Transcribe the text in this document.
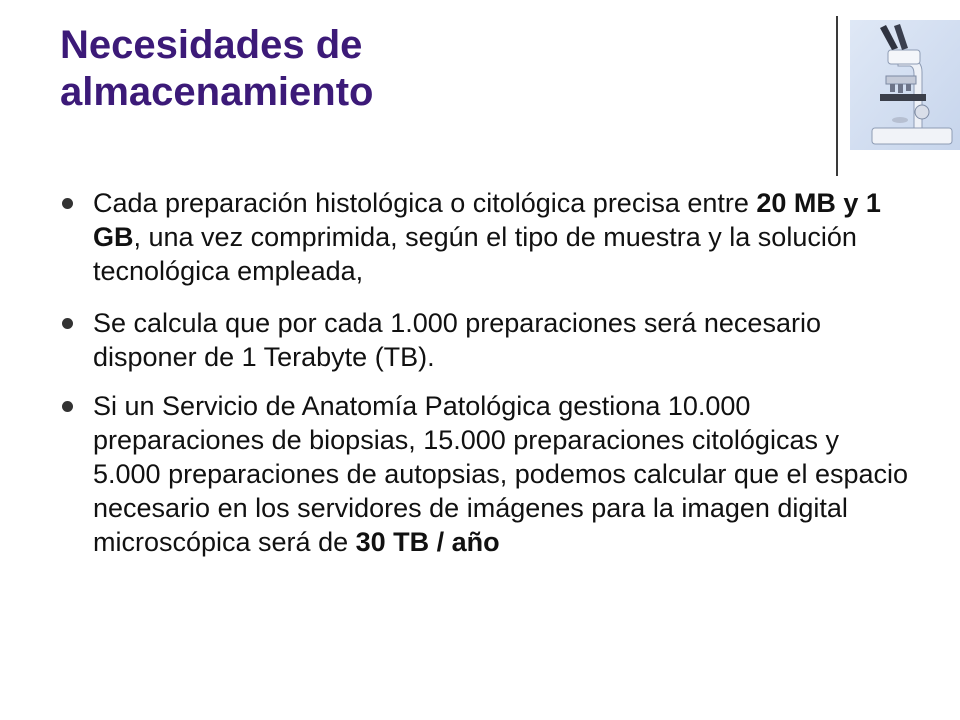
Necesidades de
almacenamiento
Cada preparación histológica o citológica precisa entre 20 MB y 1 GB, una vez comprimida, según el tipo de muestra y la solución tecnológica empleada,
Se calcula que por cada 1.000 preparaciones será necesario disponer de 1 Terabyte (TB).
Si un Servicio de Anatomía Patológica gestiona 10.000 preparaciones de biopsias, 15.000 preparaciones citológicas y 5.000 preparaciones de autopsias, podemos calcular que el espacio necesario en los servidores de imágenes para la imagen digital microscópica será de 30 TB / año
